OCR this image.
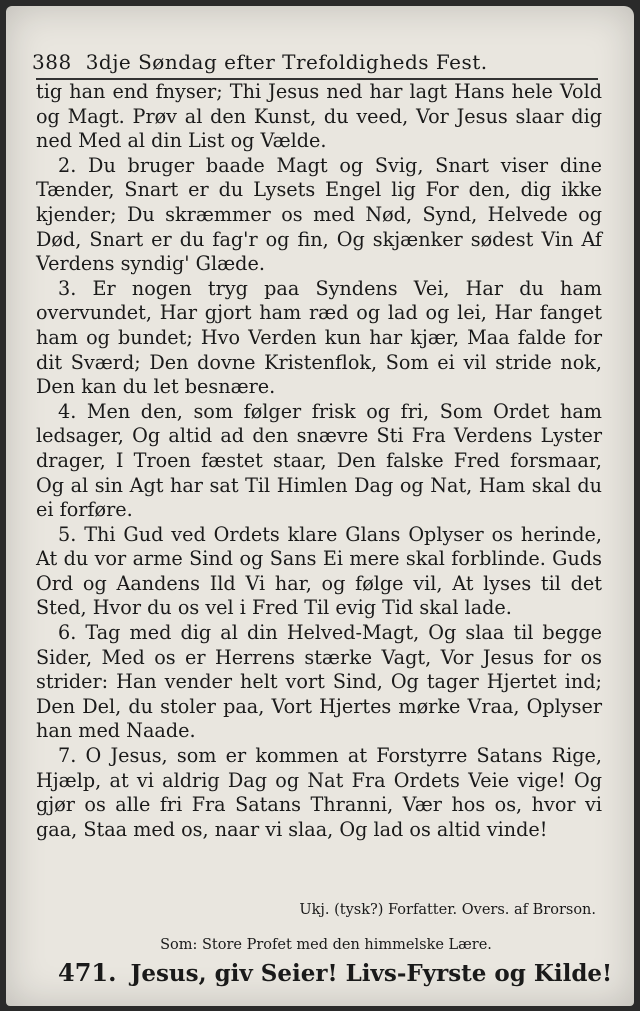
388 3dje Søndag efter Trefoldigheds Fest.

tig han end fnyser; Thi Jesus ned har lagt Hans hele Vold og Magt. Prøv al den Kunst, du veed, Vor Jesus slaar dig ned Med al din List og Vælde.

2. Du bruger baade Magt og Svig, Snart viser dine Tænder, Snart er du Lysets Engel lig For den, dig ikke kjender; Du skræmmer os med Nød, Synd, Helvede og Død, Snart er du fag'r og fin, Og skjænker sødest Vin Af Verdens syndig' Glæde.

3. Er nogen tryg paa Syndens Vei, Har du ham overvundet, Har gjort ham ræd og lad og lei, Har fanget ham og bundet; Hvo Verden kun har kjær, Maa falde for dit Sværd; Den dovne Kristenflok, Som ei vil stride nok, Den kan du let besnære.

4. Men den, som følger frisk og fri, Som Ordet ham ledsager, Og altid ad den snævre Sti Fra Verdens Lyster drager, I Troen fæstet staar, Den falske Fred forsmaar, Og al sin Agt har sat Til Himlen Dag og Nat, Ham skal du ei forføre.

5. Thi Gud ved Ordets klare Glans Oplyser os herinde, At du vor arme Sind og Sans Ei mere skal forblinde. Guds Ord og Aandens Ild Vi har, og følge vil, At lyses til det Sted, Hvor du os vel i Fred Til evig Tid skal lade.

6. Tag med dig al din Helved-Magt, Og slaa til begge Sider, Med os er Herrens stærke Vagt, Vor Jesus for os strider: Han vender helt vort Sind, Og tager Hjertet ind; Den Del, du stoler paa, Vort Hjertes mørke Vraa, Oplyser han med Naade.

7. O Jesus, som er kommen at Forstyrre Satans Rige, Hjælp, at vi aldrig Dag og Nat Fra Ordets Veie vige! Og gjør os alle fri Fra Satans Thranni, Vær hos os, hvor vi gaa, Staa med os, naar vi slaa, Og lad os altid vinde!

Ukj. (tysk?) Forfatter. Overs. af Brorson.
Som: Store Profet med den himmelske Lære.
471. Jesus, giv Seier! Livs-Fyrste og Kilde!
